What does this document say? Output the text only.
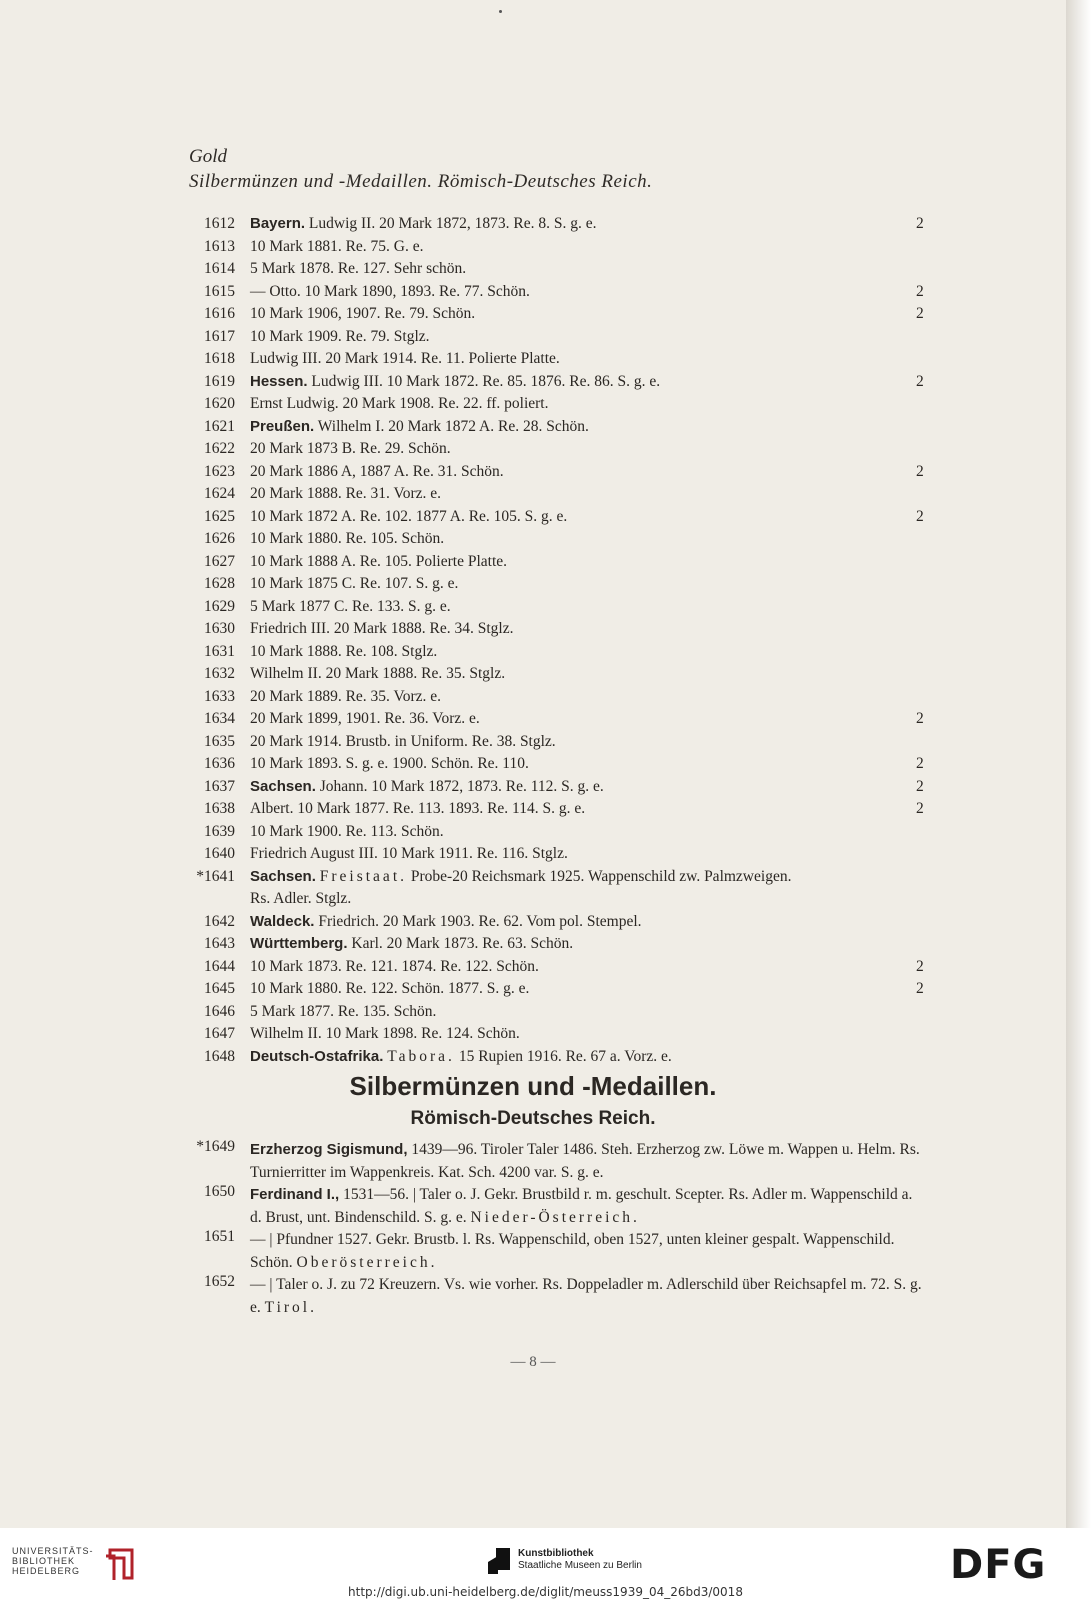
Gold
Silbermünzen und -Medaillen. Römisch-Deutsches Reich.
1612 Bayern. Ludwig II. 20 Mark 1872, 1873. Re. 8. S. g. e.	2
1613 10 Mark 1881. Re. 75. G. e.
1614 5 Mark 1878. Re. 127. Sehr schön.
1615 — Otto. 10 Mark 1890, 1893. Re. 77. Schön.	2
1616 10 Mark 1906, 1907. Re. 79. Schön.	2
1617 10 Mark 1909. Re. 79. Stglz.
1618 Ludwig III. 20 Mark 1914. Re. 11. Polierte Platte.
1619 Hessen. Ludwig III. 10 Mark 1872. Re. 85. 1876. Re. 86. S. g. e.	2
1620 Ernst Ludwig. 20 Mark 1908. Re. 22. ff. poliert.
1621 Preußen. Wilhelm I. 20 Mark 1872 A. Re. 28. Schön.
1622 20 Mark 1873 B. Re. 29. Schön.
1623 20 Mark 1886 A, 1887 A. Re. 31. Schön.	2
1624 20 Mark 1888. Re. 31. Vorz. e.
1625 10 Mark 1872 A. Re. 102. 1877 A. Re. 105. S. g. e.	2
1626 10 Mark 1880. Re. 105. Schön.
1627 10 Mark 1888 A. Re. 105. Polierte Platte.
1628 10 Mark 1875 C. Re. 107. S. g. e.
1629 5 Mark 1877 C. Re. 133. S. g. e.
1630 Friedrich III. 20 Mark 1888. Re. 34. Stglz.
1631 10 Mark 1888. Re. 108. Stglz.
1632 Wilhelm II. 20 Mark 1888. Re. 35. Stglz.
1633 20 Mark 1889. Re. 35. Vorz. e.
1634 20 Mark 1899, 1901. Re. 36. Vorz. e.	2
1635 20 Mark 1914. Brustb. in Uniform. Re. 38. Stglz.
1636 10 Mark 1893. S. g. e. 1900. Schön. Re. 110.	2
1637 Sachsen. Johann. 10 Mark 1872, 1873. Re. 112. S. g. e.	2
1638 Albert. 10 Mark 1877. Re. 113. 1893. Re. 114. S. g. e.	2
1639 10 Mark 1900. Re. 113. Schön.
1640 Friedrich August III. 10 Mark 1911. Re. 116. Stglz.
*1641 Sachsen. Freistaat. Probe-20 Reichsmark 1925. Wappenschild zw. Palmzweigen.
Rs. Adler. Stglz.
1642 Waldeck. Friedrich. 20 Mark 1903. Re. 62. Vom pol. Stempel.
1643 Württemberg. Karl. 20 Mark 1873. Re. 63. Schön.
1644 10 Mark 1873. Re. 121. 1874. Re. 122. Schön.	2
1645 10 Mark 1880. Re. 122. Schön. 1877. S. g. e.	2
1646 5 Mark 1877. Re. 135. Schön.
1647 Wilhelm II. 10 Mark 1898. Re. 124. Schön.
1648 Deutsch-Ostafrika. Tabora. 15 Rupien 1916. Re. 67 a. Vorz. e.
Silbermünzen und -Medaillen.
Römisch-Deutsches Reich.
*1649 Erzherzog Sigismund, 1439—96. Tiroler Taler 1486. Steh. Erzherzog zw. Löwe m. Wappen u. Helm. Rs. Turnierritter im Wappenkreis. Kat. Sch. 4200 var. S. g. e.
1650 Ferdinand I., 1531—56. | Taler o. J. Gekr. Brustbild r. m. geschult. Scepter. Rs. Adler m. Wappenschild a. d. Brust, unt. Bindenschild. S. g. e. Nieder-Österreich.
1651 — | Pfundner 1527. Gekr. Brustb. l. Rs. Wappenschild, oben 1527, unten kleiner gespalt. Wappenschild. Schön. Oberösterreich.
1652 — | Taler o. J. zu 72 Kreuzern. Vs. wie vorher. Rs. Doppeladler m. Adlerschild über Reichsapfel m. 72. S. g. e. Tirol.
— 8 —
UNIVERSITÄTS-
BIBLIOTHEK
HEIDELBERG
Kunstbibliothek
Staatliche Museen zu Berlin	DFG
http://digi.ub.uni-heidelberg.de/diglit/meuss1939_04_26bd3/0018
